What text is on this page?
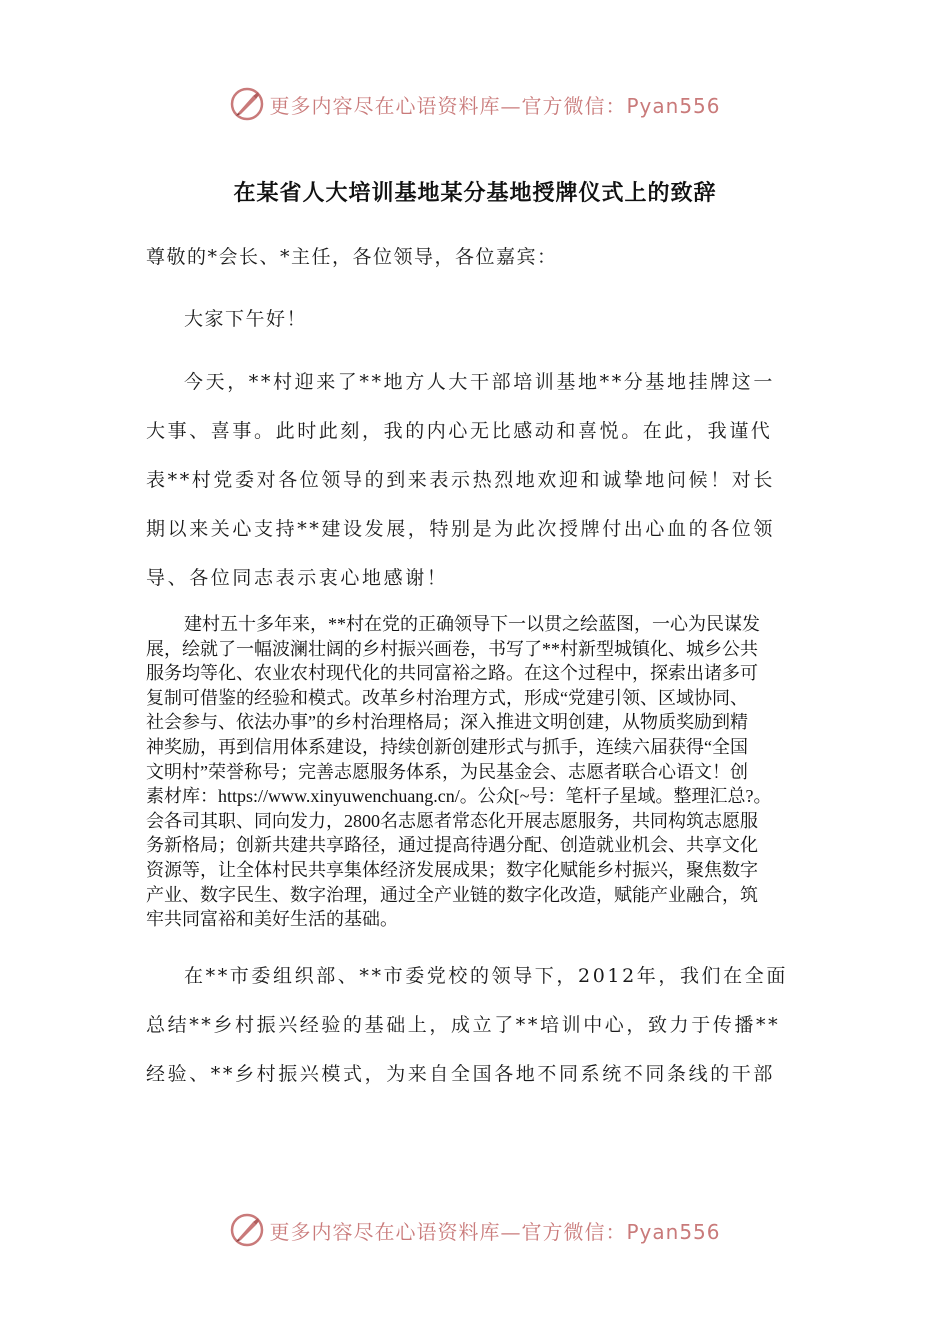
更多内容尽在心语资料库—官方微信：Pyan556
在某省人大培训基地某分基地授牌仪式上的致辞
尊敬的*会长、*主任，各位领导，各位嘉宾：
大家下午好！
今天，**村迎来了**地方人大干部培训基地**分基地挂牌这一
大事、喜事。此时此刻，我的内心无比感动和喜悦。在此，我谨代
表**村党委对各位领导的到来表示热烈地欢迎和诚挚地问候！对长
期以来关心支持**建设发展，特别是为此次授牌付出心血的各位领
导、各位同志表示衷心地感谢！
建村五十多年来，**村在党的正确领导下一以贯之绘蓝图，一心为民谋发
展，绘就了一幅波澜壮阔的乡村振兴画卷，书写了**村新型城镇化、城乡公共
服务均等化、农业农村现代化的共同富裕之路。在这个过程中，探索出诸多可
复制可借鉴的经验和模式。改革乡村治理方式，形成“党建引领、区域协同、
社会参与、依法办事”的乡村治理格局；深入推进文明创建，从物质奖励到精
神奖励，再到信用体系建设，持续创新创建形式与抓手，连续六届获得“全国
文明村”荣誉称号；完善志愿服务体系，为民基金会、志愿者联合心语文！创
素材库：https://www.xinyuwenchuang.cn/。公众[~号：笔杆子星域。整理汇总?。
会各司其职、同向发力，2800名志愿者常态化开展志愿服务，共同构筑志愿服
务新格局；创新共建共享路径，通过提高待遇分配、创造就业机会、共享文化
资源等，让全体村民共享集体经济发展成果；数字化赋能乡村振兴，聚焦数字
产业、数字民生、数字治理，通过全产业链的数字化改造，赋能产业融合，筑
牢共同富裕和美好生活的基础。
在**市委组织部、**市委党校的领导下，2012年，我们在全面
总结**乡村振兴经验的基础上，成立了**培训中心，致力于传播**
经验、**乡村振兴模式，为来自全国各地不同系统不同条线的干部
更多内容尽在心语资料库—官方微信：Pyan556
